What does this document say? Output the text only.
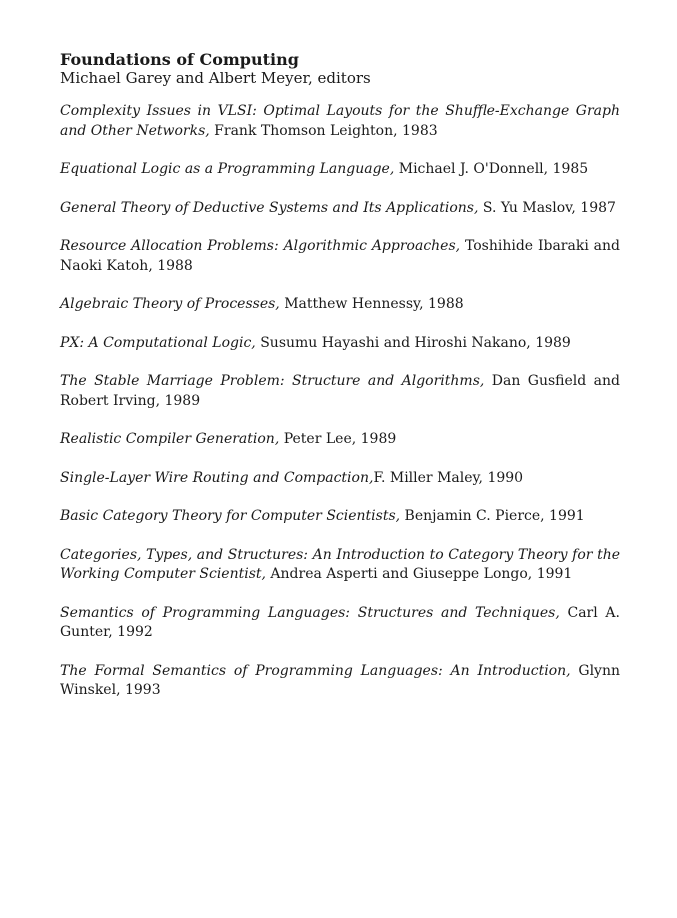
Foundations of Computing

Michael Garey and Albert Meyer, editors

Complexity Issues in VLSI: Optimal Layouts for the Shuffle-Exchange Graph and Other Networks, Frank Thomson Leighton, 1983

Equational Logic as a Programming Language, Michael J. O'Donnell, 1985

General Theory of Deductive Systems and Its Applications, S. Yu Maslov, 1987

Resource Allocation Problems: Algorithmic Approaches, Toshihide Ibaraki and Naoki Katoh, 1988

Algebraic Theory of Processes, Matthew Hennessy, 1988

PX: A Computational Logic, Susumu Hayashi and Hiroshi Nakano, 1989

The Stable Marriage Problem: Structure and Algorithms, Dan Gusfield and Robert Irving, 1989

Realistic Compiler Generation, Peter Lee, 1989

Single-Layer Wire Routing and Compaction,F. Miller Maley, 1990

Basic Category Theory for Computer Scientists, Benjamin C. Pierce, 1991

Categories, Types, and Structures: An Introduction to Category Theory for the Working Computer Scientist, Andrea Asperti and Giuseppe Longo, 1991

Semantics of Programming Languages: Structures and Techniques, Carl A. Gunter, 1992

The Formal Semantics of Programming Languages: An Introduction, Glynn Winskel, 1993
